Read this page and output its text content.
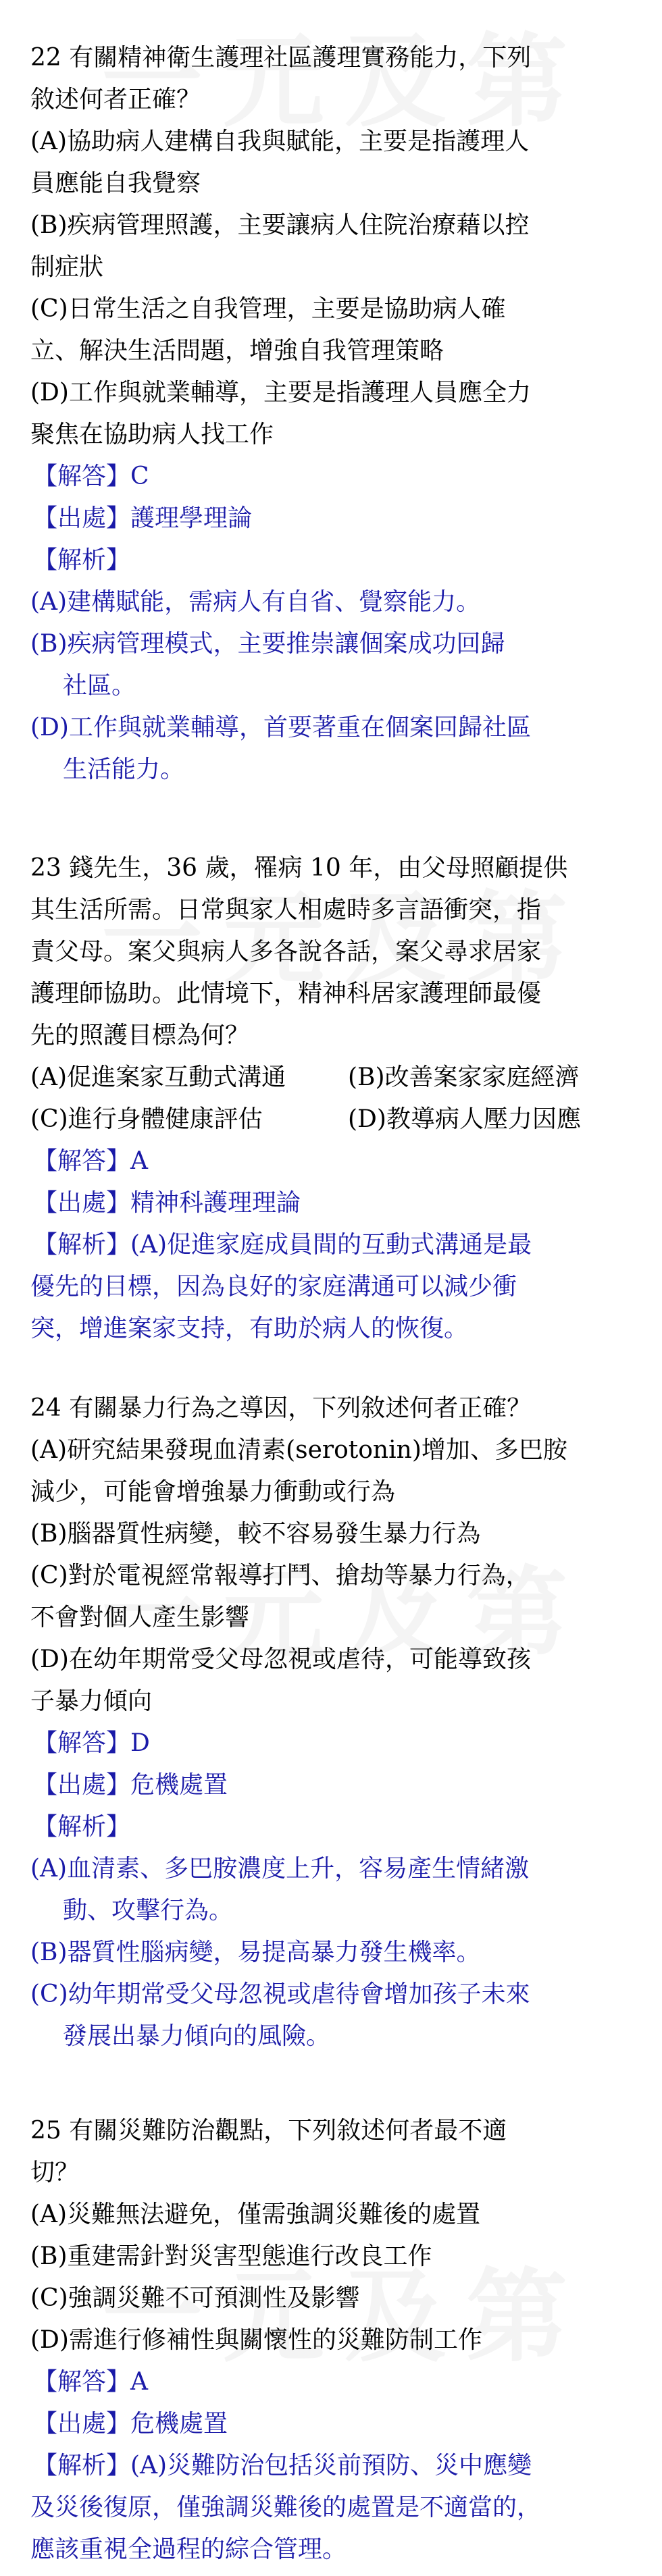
22 有關精神衛生護理社區護理實務能力，下列
敘述何者正確？
(A)協助病人建構自我與賦能，主要是指護理人
員應能自我覺察
(B)疾病管理照護，主要讓病人住院治療藉以控
制症狀
(C)日常生活之自我管理，主要是協助病人確
立、解決生活問題，增強自我管理策略
(D)工作與就業輔導，主要是指護理人員應全力
聚焦在協助病人找工作
【解答】C
【出處】護理學理論
【解析】
(A)建構賦能，需病人有自省、覺察能力。
(B)疾病管理模式，主要推崇讓個案成功回歸
社區。
(D)工作與就業輔導，首要著重在個案回歸社區
生活能力。
23 錢先生，36 歲，罹病 10 年，由父母照顧提供
其生活所需。日常與家人相處時多言語衝突，指
責父母。案父與病人多各說各話，案父尋求居家
護理師協助。此情境下，精神科居家護理師最優
先的照護目標為何？
(A)促進案家互動式溝通	(B)改善案家家庭經濟
(C)進行身體健康評估	(D)教導病人壓力因應
【解答】A
【出處】精神科護理理論
【解析】(A)促進家庭成員間的互動式溝通是最
優先的目標，因為良好的家庭溝通可以減少衝
突，增進案家支持，有助於病人的恢復。
24 有關暴力行為之導因，下列敘述何者正確？
(A)研究結果發現血清素(serotonin)增加、多巴胺
減少，可能會增強暴力衝動或行為
(B)腦器質性病變，較不容易發生暴力行為
(C)對於電視經常報導打鬥、搶劫等暴力行為，
不會對個人產生影響
(D)在幼年期常受父母忽視或虐待，可能導致孩
子暴力傾向
【解答】D
【出處】危機處置
【解析】
(A)血清素、多巴胺濃度上升，容易產生情緒激
動、攻擊行為。
(B)器質性腦病變，易提高暴力發生機率。
(C)幼年期常受父母忽視或虐待會增加孩子未來
發展出暴力傾向的風險。
25 有關災難防治觀點，下列敘述何者最不適
切？
(A)災難無法避免，僅需強調災難後的處置
(B)重建需針對災害型態進行改良工作
(C)強調災難不可預測性及影響
(D)需進行修補性與關懷性的災難防制工作
【解答】A
【出處】危機處置
【解析】(A)災難防治包括災前預防、災中應變
及災後復原，僅強調災難後的處置是不適當的，
應該重視全過程的綜合管理。
